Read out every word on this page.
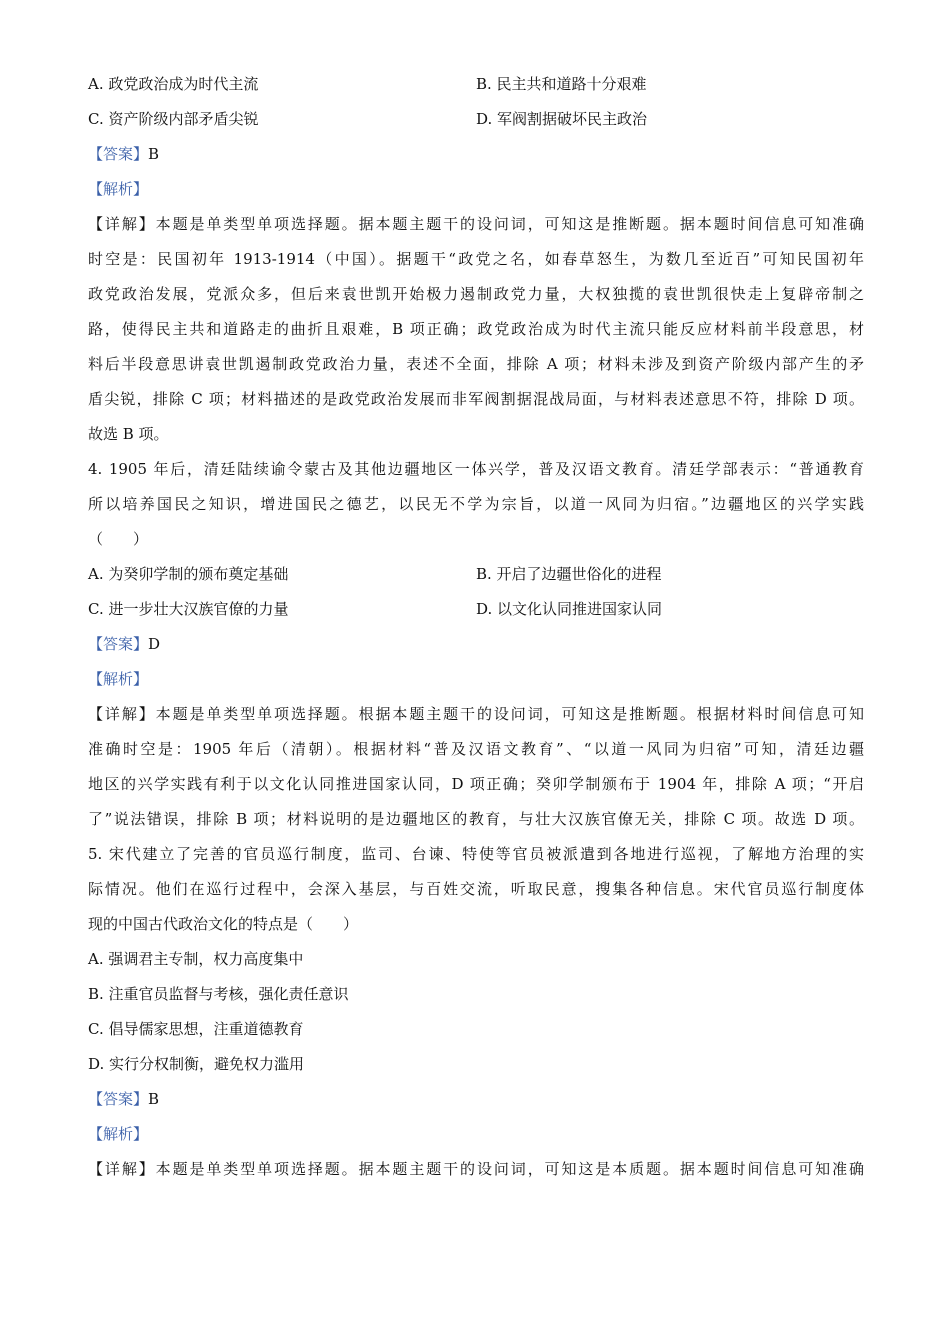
A. 政党政治成为时代主流	B. 民主共和道路十分艰难
C. 资产阶级内部矛盾尖锐	D. 军阀割据破坏民主政治
【答案】B
【解析】
【详解】本题是单类型单项选择题。据本题主题干的设问词，可知这是推断题。据本题时间信息可知准确
时空是：民国初年 1913-1914（中国）。据题干“政党之名，如春草怒生，为数几至近百”可知民国初年
政党政治发展，党派众多，但后来袁世凯开始极力遏制政党力量，大权独揽的袁世凯很快走上复辟帝制之
路，使得民主共和道路走的曲折且艰难，B 项正确；政党政治成为时代主流只能反应材料前半段意思，材
料后半段意思讲袁世凯遏制政党政治力量，表述不全面，排除 A 项；材料未涉及到资产阶级内部产生的矛
盾尖锐，排除 C 项；材料描述的是政党政治发展而非军阀割据混战局面，与材料表述意思不符，排除 D 项。
故选 B 项。
4. 1905 年后，清廷陆续谕令蒙古及其他边疆地区一体兴学，普及汉语文教育。清廷学部表示：“普通教育
所以培养国民之知识，增进国民之德艺，以民无不学为宗旨，以道一风同为归宿。”边疆地区的兴学实践
（　　）
A. 为癸卯学制的颁布奠定基础	B. 开启了边疆世俗化的进程
C. 进一步壮大汉族官僚的力量	D. 以文化认同推进国家认同
【答案】D
【解析】
【详解】本题是单类型单项选择题。根据本题主题干的设问词，可知这是推断题。根据材料时间信息可知
准确时空是：1905 年后（清朝）。根据材料“普及汉语文教育”、“以道一风同为归宿”可知，清廷边疆
地区的兴学实践有利于以文化认同推进国家认同，D 项正确；癸卯学制颁布于 1904 年，排除 A 项；“开启
了”说法错误，排除 B 项；材料说明的是边疆地区的教育，与壮大汉族官僚无关，排除 C 项。故选 D 项。
5. 宋代建立了完善的官员巡行制度，监司、台谏、特使等官员被派遣到各地进行巡视，了解地方治理的实
际情况。他们在巡行过程中，会深入基层，与百姓交流，听取民意，搜集各种信息。宋代官员巡行制度体
现的中国古代政治文化的特点是（　　）
A. 强调君主专制，权力高度集中
B. 注重官员监督与考核，强化责任意识
C. 倡导儒家思想，注重道德教育
D. 实行分权制衡，避免权力滥用
【答案】B
【解析】
【详解】本题是单类型单项选择题。据本题主题干的设问词，可知这是本质题。据本题时间信息可知准确
